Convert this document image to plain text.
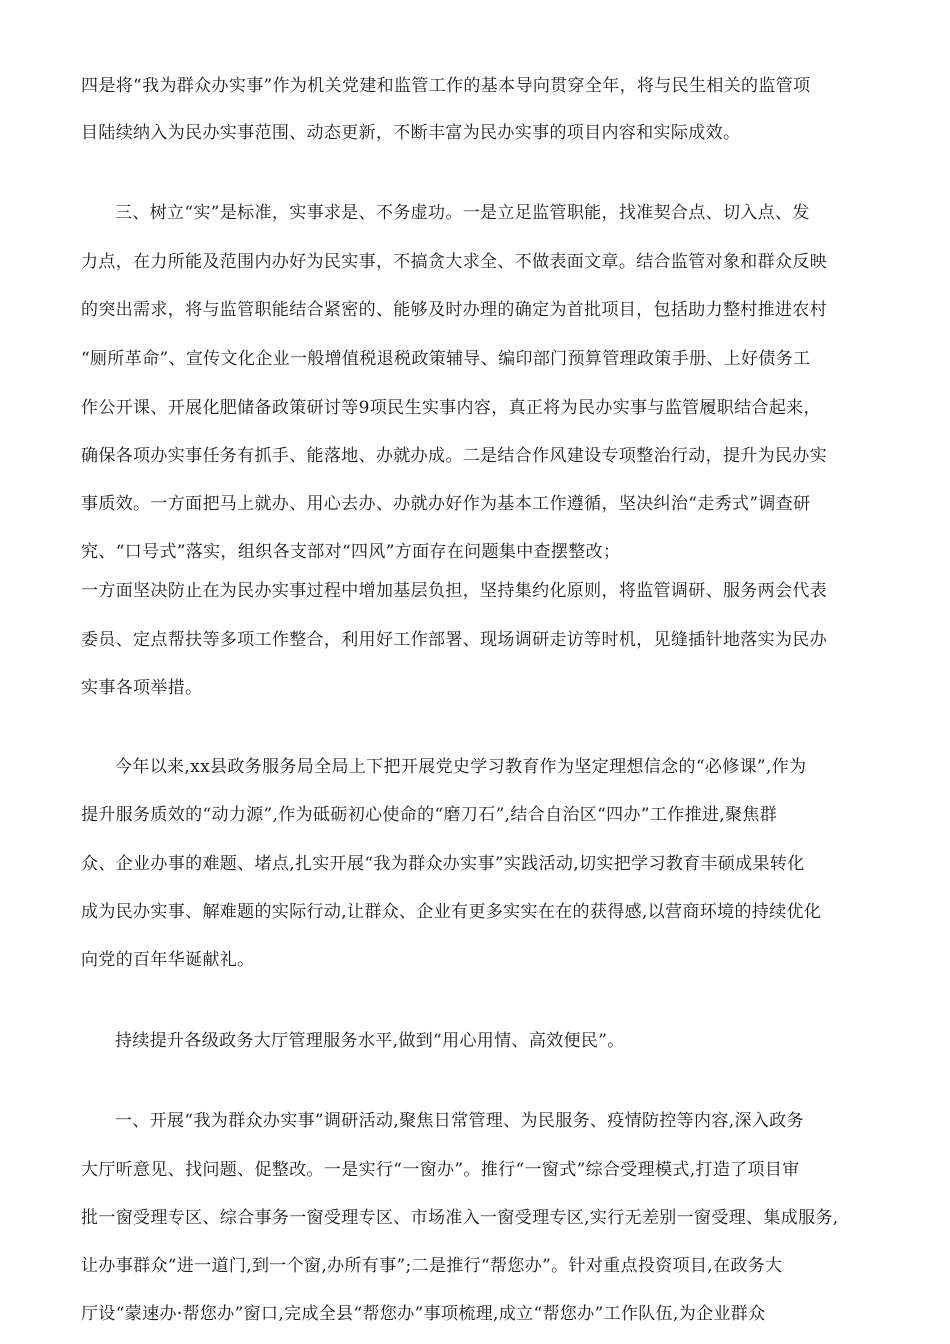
四是将“我为群众办实事”作为机关党建和监管工作的基本导向贯穿全年，将与民生相关的监管项
目陆续纳入为民办实事范围、动态更新，不断丰富为民办实事的项目内容和实际成效。
三、树立“实”是标准，实事求是、不务虚功。一是立足监管职能，找准契合点、切入点、发
力点，在力所能及范围内办好为民实事，不搞贪大求全、不做表面文章。结合监管对象和群众反映
的突出需求，将与监管职能结合紧密的、能够及时办理的确定为首批项目，包括助力整村推进农村
“厕所革命”、宣传文化企业一般增值税退税政策辅导、编印部门预算管理政策手册、上好债务工
作公开课、开展化肥储备政策研讨等9项民生实事内容，真正将为民办实事与监管履职结合起来，
确保各项办实事任务有抓手、能落地、办就办成。二是结合作风建设专项整治行动，提升为民办实
事质效。一方面把马上就办、用心去办、办就办好作为基本工作遵循，坚决纠治“走秀式”调查研
究、“口号式”落实，组织各支部对“四风”方面存在问题集中查摆整改；
一方面坚决防止在为民办实事过程中增加基层负担，坚持集约化原则，将监管调研、服务两会代表
委员、定点帮扶等多项工作整合，利用好工作部署、现场调研走访等时机，见缝插针地落实为民办
实事各项举措。
今年以来,xx县政务服务局全局上下把开展党史学习教育作为坚定理想信念的“必修课”,作为
提升服务质效的“动力源”,作为砥砺初心使命的“磨刀石”,结合自治区“四办”工作推进,聚焦群
众、企业办事的难题、堵点,扎实开展“我为群众办实事”实践活动,切实把学习教育丰硕成果转化
成为民办实事、解难题的实际行动,让群众、企业有更多实实在在的获得感,以营商环境的持续优化
向党的百年华诞献礼。
持续提升各级政务大厅管理服务水平,做到“用心用情、高效便民”。
一、开展“我为群众办实事”调研活动,聚焦日常管理、为民服务、疫情防控等内容,深入政务
大厅听意见、找问题、促整改。一是实行“一窗办”。推行“一窗式”综合受理模式,打造了项目审
批一窗受理专区、综合事务一窗受理专区、市场准入一窗受理专区,实行无差别一窗受理、集成服务,
让办事群众“进一道门,到一个窗,办所有事”;二是推行“帮您办”。针对重点投资项目,在政务大
厅设“蒙速办·帮您办”窗口,完成全县“帮您办”事项梳理,成立“帮您办”工作队伍,为企业群众
